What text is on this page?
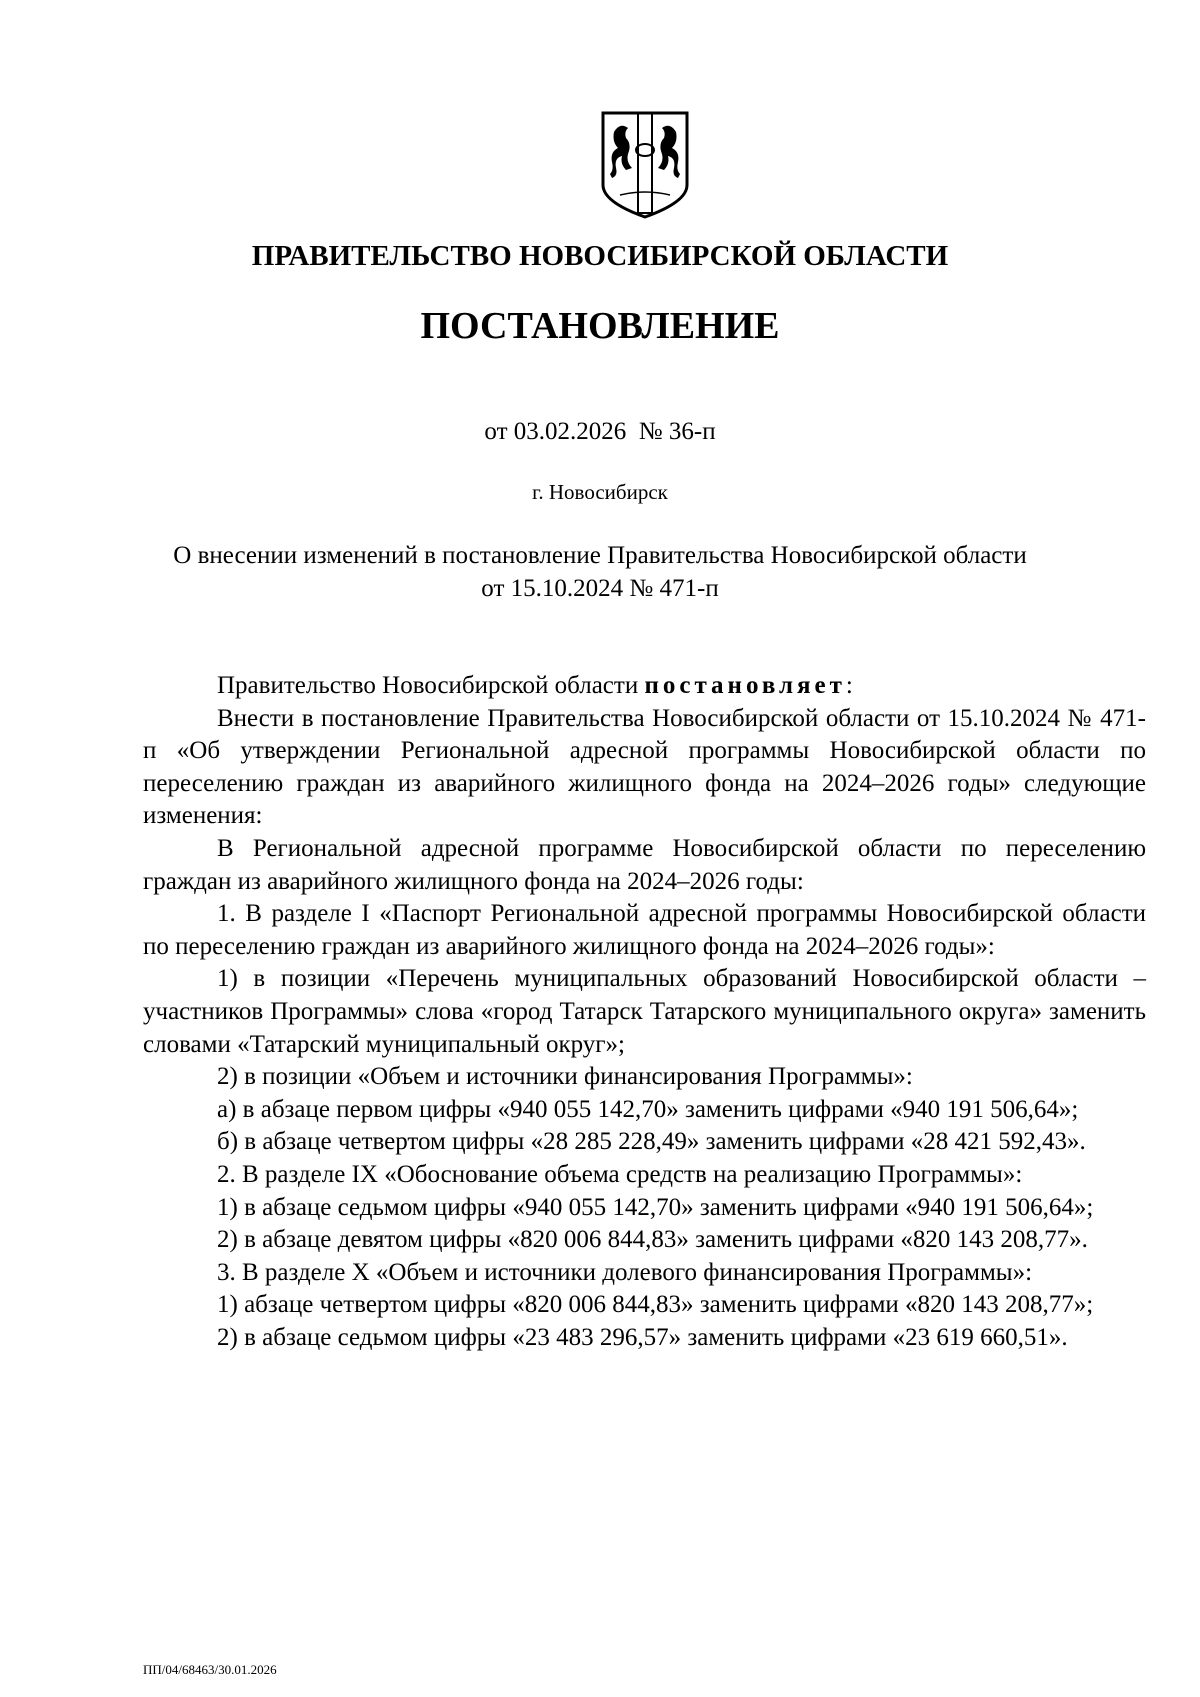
ПРАВИТЕЛЬСТВО НОВОСИБИРСКОЙ ОБЛАСТИ
ПОСТАНОВЛЕНИЕ
от 03.02.2026 № 36-п
г. Новосибирск
О внесении изменений в постановление Правительства Новосибирской области
от 15.10.2024 № 471-п

Правительство Новосибирской области постановляет:

Внести в постановление Правительства Новосибирской области от 15.10.2024 № 471-п «Об утверждении Региональной адресной программы Новосибирской области по переселению граждан из аварийного жилищного фонда на 2024–2026 годы» следующие изменения:

В Региональной адресной программе Новосибирской области по переселению граждан из аварийного жилищного фонда на 2024–2026 годы:

1. В разделе I «Паспорт Региональной адресной программы Новосибирской области по переселению граждан из аварийного жилищного фонда на 2024–2026 годы»:

1) в позиции «Перечень муниципальных образований Новосибирской области – участников Программы» слова «город Татарск Татарского муниципального округа» заменить словами «Татарский муниципальный округ»;

2) в позиции «Объем и источники финансирования Программы»:

а) в абзаце первом цифры «940 055 142,70» заменить цифрами «940 191 506,64»;

б) в абзаце четвертом цифры «28 285 228,49» заменить цифрами «28 421 592,43».

2. В разделе IX «Обоснование объема средств на реализацию Программы»:

1) в абзаце седьмом цифры «940 055 142,70» заменить цифрами «940 191 506,64»;

2) в абзаце девятом цифры «820 006 844,83» заменить цифрами «820 143 208,77».

3. В разделе X «Объем и источники долевого финансирования Программы»:

1) абзаце четвертом цифры «820 006 844,83» заменить цифрами «820 143 208,77»;

2) в абзаце седьмом цифры «23 483 296,57» заменить цифрами «23 619 660,51».

ПП/04/68463/30.01.2026
